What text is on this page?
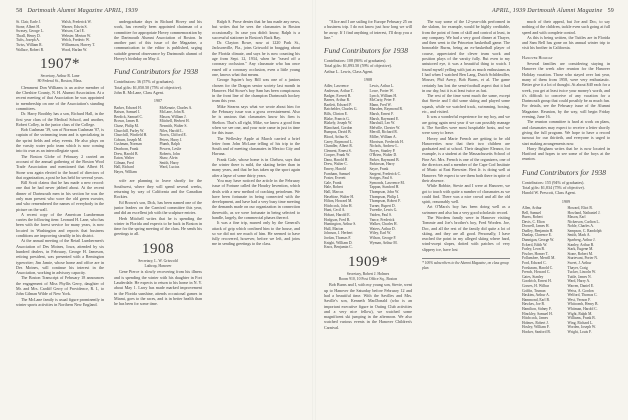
58 Dartmouth Alumni Magazine APRIL, 1939
St. Clair, Earle J.
Stone, Albert H.
Swasey, George L.
Thrall, Henry D.
Tufts, Joseph A.
Twiss, William R.
Wallace, Robert B.
Walsh, Frederick W.
Warner, Edwin S.
Watson, Carl E.
Webster, Merton W.
Welch, Frederic W.
Williamson, Harvey T.
Wood, Harlan W.
1907*
Secretary, Arthur R. Lane
80 Federal St., Boston, Mass.

Clemment Don Williams is an active member of the Cheshire County, N. H. Alumni Association. At a recent meeting of that Association he was appointed to membership on one of the Association's standing committees.

Dr. Harry Boothby has a son, Richard Hall, in the first year class of the Medical School, and another, Robert Colley, in the junior class of the College.

Bob Cushman '39, son of Norman Cushman '07, is captain of the swimming team and is specializing in the sprint fields and relay events. He also plays on the varsity water polo team which is now coming into its own as an intercollegiate sport.

The Boston Globe of February 2 carried an account of the annual gathering of the Boston Wool Trade Association and mentioned that Albert H. Stone was again elected to the board of directors of that organization, a post he has held for several years.

Bill Scott claims that he has made a new record: one that he had never jabbed about. At the recent dinner of Dartmouth men in his section he was the only man present who wore the old green sweater, and who remembered the names of everybody in the picture on the wall.

A recent copy of the American Lumberman carries the following item: Leonard H. Lane, who has been with the forest service for many years, is now located in Washington and reports that business conditions are improving steadily in his district.

At the annual meeting of the Retail Lumbermen's Association of Des Moines, Iowa, attended by six hundred dealers, in February, George H. Jameson, retiring president, was presented with a Remington typewriter; Jim Jamie, whose home and office are in Des Moines, will continue his interest in the Association, working in advisory capacity.

The Boston Transcript of February 18 announces the engagement of Miss Phyllis Gerry, daughter of Mr. and Mrs. Cardiff Gerry of Providence, R. I., to John Gilman Wilde of New York.

The McLane family is usual figure prominently in winter sports activities in Northern New England.

undergraduate days in Richard Hovey and his work, has recently been appointed chairman of a committee for appropriate Hovey commemoration by the Dartmouth Alumni Association of Boston. In another part of this issue of the Magazine, a communication to the editor is published, urging suitable general observance by Dartmouth alumni of Hovey's birthday on May 4.

Fund Contributors for 1938
Contributors: 36 (57% of graduates).
Total gifts: $1,050.50 (75% of objective).
John R. McLane, Class Agent.
1907
Barker, Edward H.
Batson, Samuel I.
Berdick, Samuel C.
Brown, James R.
Chase, Philip M.
Churchill, Parley W.
Churchill, Winfield H.
Coburn, Joseph M.
Cushman, Norman
Dearborn, Frank
Drew, Harold B.
Eaton, Walter
Gilman, Fred
Hall, Richard
Hayes, William
McKenzie, Charles A.
McLane, John R.
Mason, William J.
Mitchell, Herbert H.
Nesmith, Walter S.
Niles, Harold L.
Norris, Clifford E.
Peters, Harry J.
Plumb, Ralph
Powers, Leslie
Roberts, John
Shaw, Alvin
Smith, Harry
Ward, Lucius

wife are planning to leave shortly for the Southwest, where they will spend several weeks, returning by way of California and the Canadian Rockies.

Ed Brown's son, Dick, has been named one of the junior leaders on the Carnival committee this year, and did an excellent job with the sculpture entries.

Herb Mitchell writes that he is spending the winter in Florida and expects to be back in Boston in time for the spring meeting of the class. He sends his greetings to all.

1908
Secretary, L. W. Griswold
Lathrop, Hanover

Gene Pierce is slowly recovering from his illness and is spending the winter with his daughter in Fort Lauderdale. He expects to return to his home in N. Y. about May 1. Larry has made marked improvement in the Florida sunshine, attends occasional games in Miami, goes to the races, and is in better health than he has been for some time.

Ralph S. Prose denies that he has made any news, but writes that he sees the classmates in Boston occasionally. In case you didn't know, Ralph is a successful stationer in Boston's Back Bay.

Dr. Clayton Rowe, now at 1220 Park St., Jacksonville, Fla., joins Griswold in bragging about the Florida climate, and says he is now counting his age from Sept. 12, 1934, when he "eased off a coronary occlusion." Any classmate who has once eased off a coronary occlusion, even a little young one, knows what that means.

George Squier's boy Bill was one of a juniors chosen for the Dragon senior society last month in Hanover. Hal Stowe's boy Sam has been conspicuous in the front line of the champion Dartmouth hockey team this year.

Mike Stearns says what we wrote about him for the February issue was a gross overstatement. Also he is anxious that classmates know his firm is Shelton. That's all right, Mike, we know a good firm when we see one, and your note came in just in time for this issue.

The Wellesley Apple at March carried a brief letter from John McLane telling of his trip to the South and of meeting classmates in Mexico City and Havana.

Frank Gale, whose home is in Chelsea, says that the winter there is mild, the skating better than in many years, and that he has taken up the sport again after a lapse of some thirty years.

You may have noticed the article in the February issue of Fortune called the Houdry Invention, which deals with a new method of cracking petroleum. We have been fortunate in being connected with the development, and have had a very busy time meeting the demands made on our organization in connection therewith, as we were fortunate in being selected to handle, largely, the commercial phases thereof.

It was a fine trip, marred only by the General's attack of grip which confined him to the house, and so we did not see much of him. He seemed to have fully recovered, however, before we left, and joins me in sending greetings to the class.

APRIL, 1939 Dartmouth Alumni Magazine 59

"Alice and I are sailing for Europe February 25 on a business trip. I do not know just how long we will be away. If I find anything of interest, I'll drop you a line."

Fund Contributors for 1938
Contributors: 108 (86% of graduates).
Total gifts: $1,893.50 (59% of objective).
Arthur L. Lewis, Class Agent.
1908
Adler, Lawrence
Anderson, Arthur T.
Badger, Everett B.
Barnes, Arthur R.
Bartlett, Edward P.
Batchelder, Charles G.
Bills, Clinton E.
Blake, Francis G.
Blakely, Joseph W.
Blanchard, Gordon
Bumpus, David B.
Blood, Arthur K.
Carey, Raymond L.
Chandler, Albert R.
Clement, Ernest S.
Cooper, Frank W.
Dana, Harold H.
Drew, Walter C.
Emery, Harold
Farnham, Samuel
Foster, Everett
Gale, Frank
Hale, Robert
Hall, Marcus
Haseltine, Walter H.
Hilton, Howard M.
Hitchcock, John H.
Hunt, Cecil A.
Hobart, Harold E.
Hodgson, Fred B.
Huntington, Arthur S.
Hull, Marion
Johnson, J. Herbert
Jordan, Thomas F.
Knight, William D.
Knox, Benjamin C.
Lewis, Arthur L.
Lowe, Porter W.
Lynch, William H.
McCarty, Peter F.
Mann, Fred W.
Marsden, Raymond R.
Marsh, Ernest F.
Marsh, Raymond E.
Marshall, Leo W.
Melville, Chester W.
Merrill, Richard R.
Miller, William A.
Morrison, Frederick H.
Nichols, Andrew L.
Noyes, Stanley P.
O'Brien, Walter D.
Parker, Raymond B.
Parkinson, Harry
Sayre, Frank
Sargent, Frederick C.
Scripps, Paul S.
Symonds, Lawrence M.
Tappan, Stanford H.
Thompson, John W.
Thompson, Philip I.
Thompson, Robert F.
Turner, Rupert D.
Tweedie, Lewis G.
Vaiden, Paul S.
Vance, Frederick
Walker, Charles H.
Waters, Arthur D.
Wiley, Earl W.
Wilson, George F.
Wyman, Arthur M.
1909*
Secretary, Robert J. Holmes
Room 910, 10 Post Office Sq., Boston

Bob Burns and I, with my young son, Stevie, went up to Hanover the Saturday before February 12 and had a beautiful time. With the Savilles and Mrs. Saville's son, Kenneth MacDonald (who is an important executive figure in Outing Club activities and a very nice fellow), we watched some magnificent ski jumping in the afternoon. We also watched various events in the Hanover Children's Carnival.

The way some of the 12-year-olds performed in the slalom, for example, would be highly creditable, from the point of form of skill and control at least, in any company. We had a very good dinner at Thayer, and then went to the Princeton basketball game. The honorable Burns, being an ex-basketball player of course, appreciated the clever team work and position plays of the varsity fully. But even to my untutored eye, it was a beautiful thing to watch. I found myself yelling with just as much enthusiasm as I had when I watched Ben Lang, Dutch Schildmiller, Mosser, Phil Avery, Bob Burns, et al. The game certainly has lost the semi-football aspect that it had in our day, but it is at least twice as fast.

The rest of the time went much the same, except that Stevie and I did some skiing and played some squash, while we watched track, swimming, boxing, etc., and visited.

It was a wonderful experience for my boy, and we are going again next year if we can possibly manage it. The Savilles were most hospitable hosts, and we were sorry to leave.

Hovey and Marie French are getting to be old Hanoverites now that their two children are graduated and at school. Their daughter Eleanor, for example, is a student at the Massachusetts School of Fine Art. Mrs. French is one of the organizers, one of the directors and a member of the Cape Cod Institute of Music at East Brewster. Bert Jr. is doing well at Hanover. We expect to see them both there in spite of their absence.

While Bobbie, Stevie and I were at Hanover, we got to touch with quite a number of classmates as we could find. There was a nice crowd and all the old spirit, reasonably well.

Art O'Mara's boy has been doing well as a swimmer and also has a very good scholastic record.

The Wordens family were in Hanover visiting Tommie and Joe's brother's boy, Fred Worden. Joe, Doc, and all the rest of the family did quite a lot of skiing, and they are all good. Personally, I have reached the point in my alleged skiing where hard, wind-swept slopes, dotted with patches of very slippery ice, have lost

* 100% subscribers to the Alumni Magazine, on class group plan.

much of their appeal, but Joe and Doc, to say nothing of the children, tackle even such going at full speed and with complete control.

As this is being written, the Tuttles are in Florida and Sam Bell has gone on his annual winter trip to visit his brother in California.

Hanover Holiday

Several families are considering staying in Hanover the week after reunion for the Hanover Holiday vacation. Those who stayed over last year, many of them from 1958, were very enthusiastic. Better give it a lot of thought. At about $40 each for a week, you get at least twice your money's worth, and it's difficult to conceive of any vacation for a Dartmouth group that could possibly be as much fun. For details, see the February issue of the Alumni Magazine. Reunion, by the way, will begin Friday evening, June 16.

The reunion committee is hard at work on plans, and classmates may expect to receive a letter shortly giving the full program. We hope to have a record turnout for our thirtieth, and everyone is urged to start making arrangements now.

Harry Brigham writes that he is now located in Hartford and hopes to see some of the boys at the reunion.

Fund Contributors for 1938
Contributors: 155 (94% of graduates).
Total gifts: $1,834 (75% of objective).
Harold W. Prescott, Class Agent.
1909
Allen, Arthur
Bell, Samuel
Burns, Robert
Davis, C. Elton
Drowell, James H.
Dudley, Benjamin H.
Dunlap, Clarence E.
Dunnigan, George W.
Eckerd, Edith W.
Farley, Leon B.
Fischer, Homer T.
Follansbee, Merrill M.
Ford, Edward C.
Forsbaum, Harold C.
French, Howard C.
Gates, Stanley
Goodrich, Ernest H.
Graves, H. Wilbur
Griffin, Truman
Haskins, Arthur A.
Hammond, Earl B.
Hawkes, Joe B.
Hamilton, Sidney F.
Hinckley, Samuel H.
Hitchcock, James
Holmes, Robert J.
Hosley, William F.
Hooker, Sanford B.
Howard, Eliot B.
Howland, Nathaniel J.
Mason, Earl
Nickerson, Carlton L.
Noble, Charles A.
Sampson, C. Randolph
Smith, Mark A.
Sparberg, Arthur J.
Stanley, Arthur B.
Stark, Eugene M.
Stone, Robert M.
Sturtevant, Porter N.
Sweet, J. Arthur
Thayer, Craig
Tucker, Lincoln W.
Tuttle, James N.
Ward, Harry A.
Warren, Daniel E.
Weiss, A. Gordon
Welford, Thomas C.
West, Vernon F.
Whitcomb, Henry B.
Whitman, Harold C.
Wight, Ralph M.
Williams, Frank B.
Wing, Richard L.
Worden, Joseph W.
Wright, Louis F.
